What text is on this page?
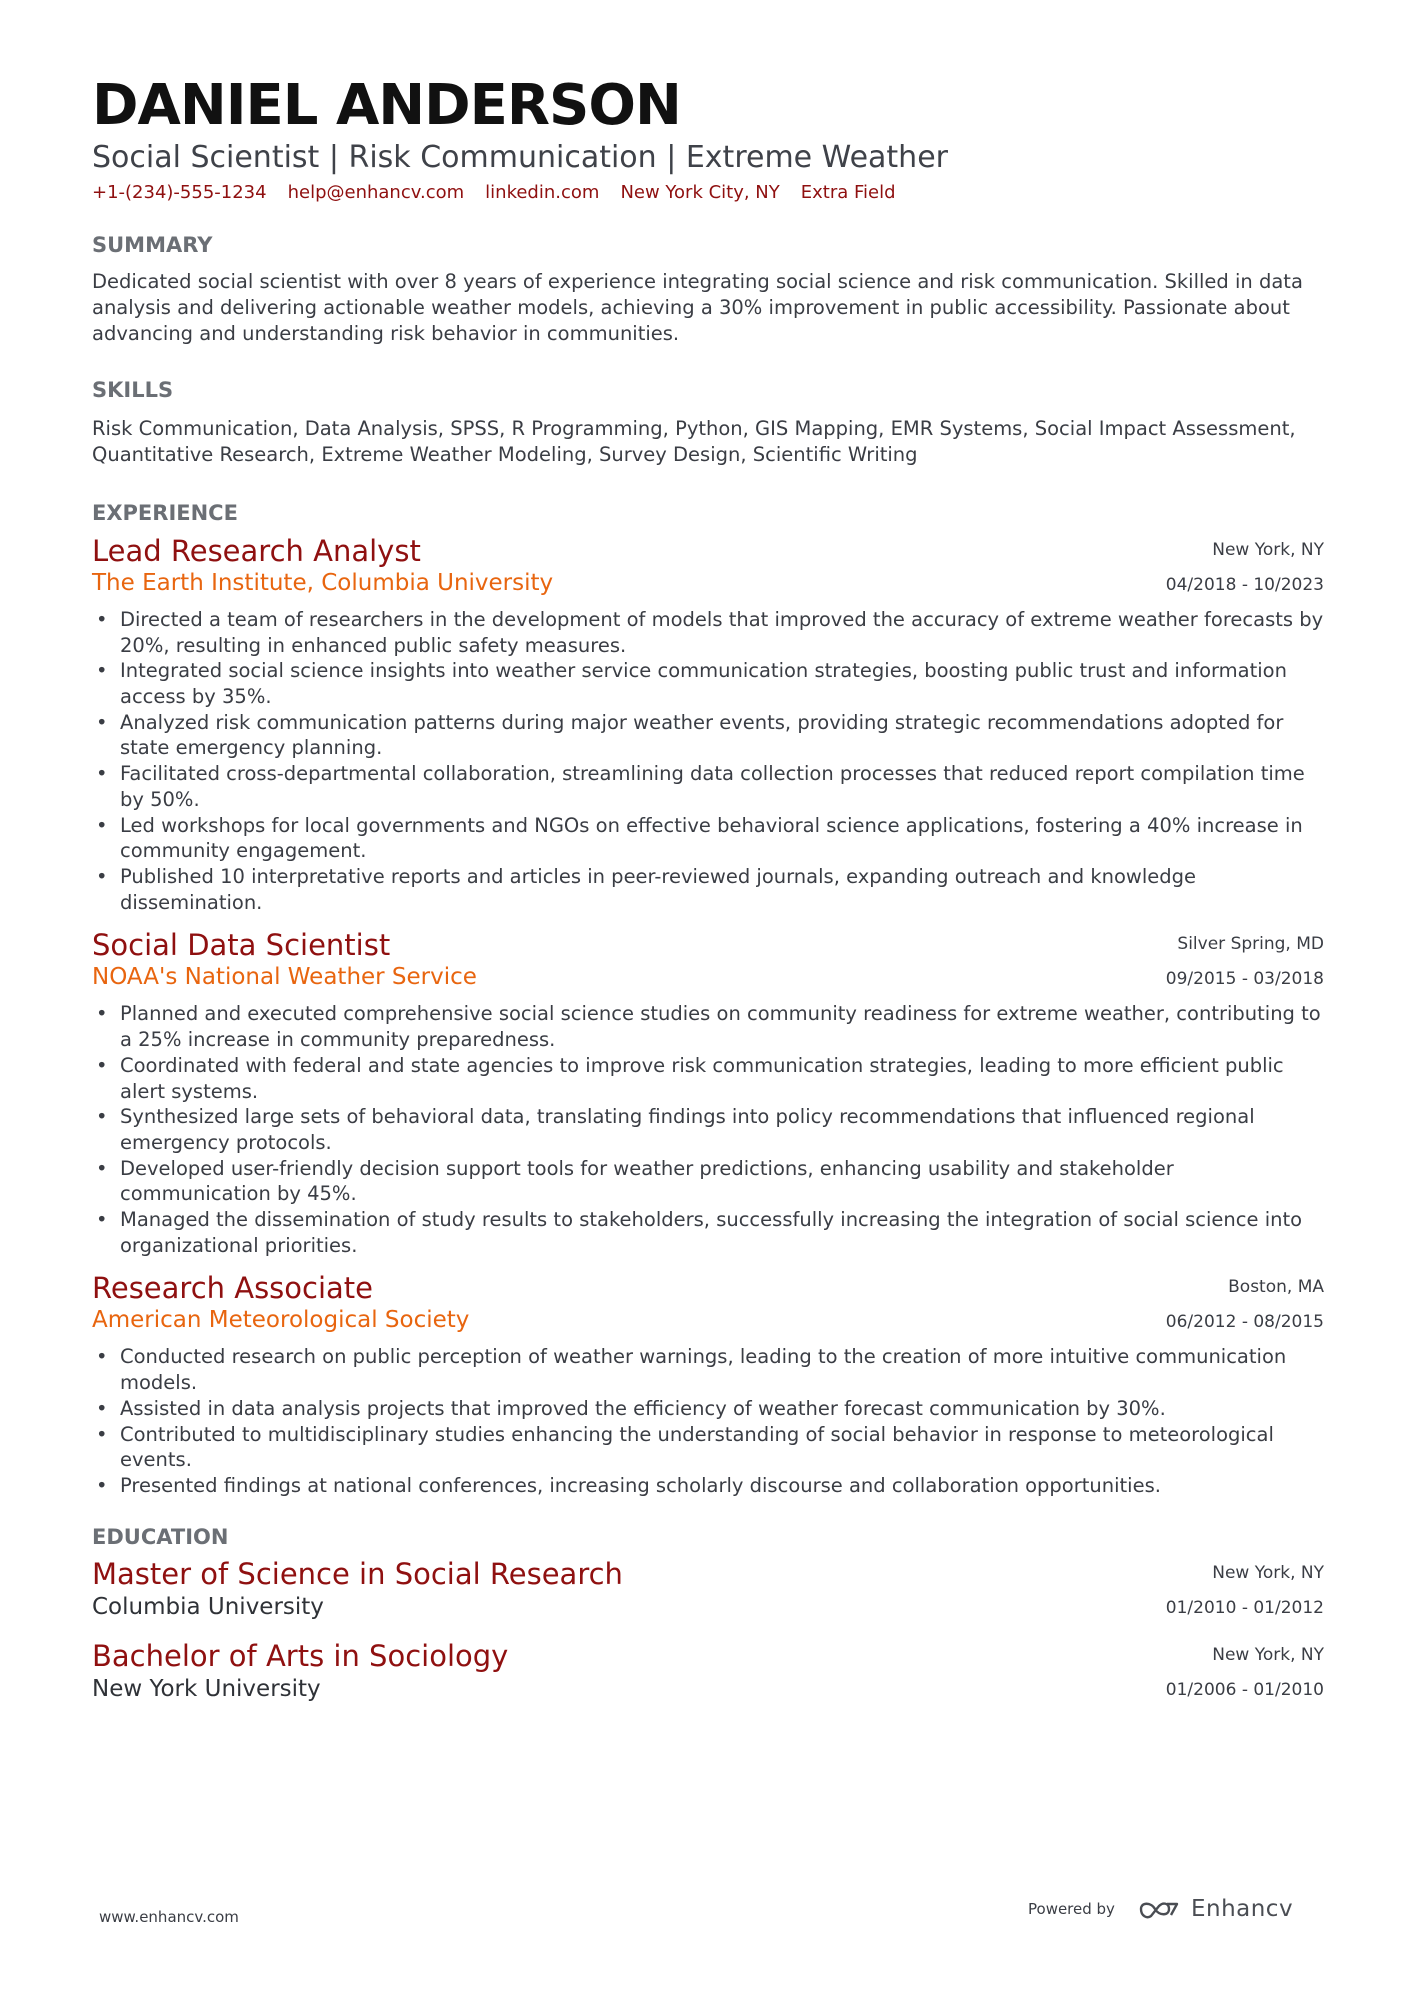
DANIEL ANDERSON
Social Scientist | Risk Communication | Extreme Weather
+1-(234)-555-1234 help@enhancv.com linkedin.com New York City, NY Extra Field
SUMMARY
Dedicated social scientist with over 8 years of experience integrating social science and risk communication. Skilled in data analysis and delivering actionable weather models, achieving a 30% improvement in public accessibility. Passionate about advancing and understanding risk behavior in communities.
SKILLS
Risk Communication, Data Analysis, SPSS, R Programming, Python, GIS Mapping, EMR Systems, Social Impact Assessment, Quantitative Research, Extreme Weather Modeling, Survey Design, Scientific Writing
EXPERIENCE
Lead Research Analyst
The Earth Institute, Columbia University
New York, NY
04/2018 - 10/2023
• Directed a team of researchers in the development of models that improved the accuracy of extreme weather forecasts by 20%, resulting in enhanced public safety measures.
• Integrated social science insights into weather service communication strategies, boosting public trust and information access by 35%.
• Analyzed risk communication patterns during major weather events, providing strategic recommendations adopted for state emergency planning.
• Facilitated cross-departmental collaboration, streamlining data collection processes that reduced report compilation time by 50%.
• Led workshops for local governments and NGOs on effective behavioral science applications, fostering a 40% increase in community engagement.
• Published 10 interpretative reports and articles in peer-reviewed journals, expanding outreach and knowledge dissemination.
Social Data Scientist
NOAA's National Weather Service
Silver Spring, MD
09/2015 - 03/2018
• Planned and executed comprehensive social science studies on community readiness for extreme weather, contributing to a 25% increase in community preparedness.
• Coordinated with federal and state agencies to improve risk communication strategies, leading to more efficient public alert systems.
• Synthesized large sets of behavioral data, translating findings into policy recommendations that influenced regional emergency protocols.
• Developed user-friendly decision support tools for weather predictions, enhancing usability and stakeholder communication by 45%.
• Managed the dissemination of study results to stakeholders, successfully increasing the integration of social science into organizational priorities.
Research Associate
American Meteorological Society
Boston, MA
06/2012 - 08/2015
• Conducted research on public perception of weather warnings, leading to the creation of more intuitive communication models.
• Assisted in data analysis projects that improved the efficiency of weather forecast communication by 30%.
• Contributed to multidisciplinary studies enhancing the understanding of social behavior in response to meteorological events.
• Presented findings at national conferences, increasing scholarly discourse and collaboration opportunities.
EDUCATION
Master of Science in Social Research
Columbia University
New York, NY
01/2010 - 01/2012
Bachelor of Arts in Sociology
New York University
New York, NY
01/2006 - 01/2010
www.enhancv.com	Powered by	Enhancv
